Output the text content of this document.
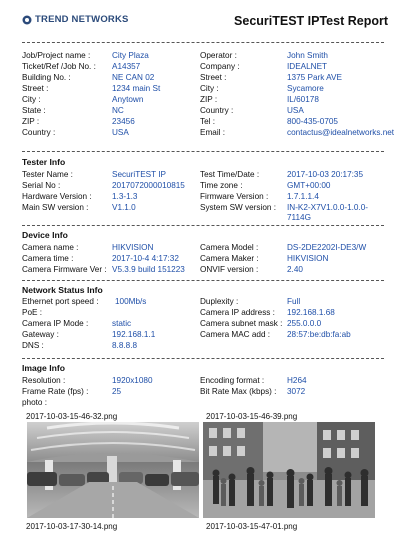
TREND NETWORKS	SecuriTEST IPTest Report
Job/Project name :	City Plaza	Operator :	John Smith
Ticket/Ref /Job No. : A14357	Company :	IDEALNET
Building No. :	NE CAN 02	Street :	1375 Park AVE
Street :	1234 main St	City :	Sycamore
City :	Anytown	ZIP :	IL/60178
State :	NC	Country :	USA
ZIP :	23456	Tel :	800-435-0705
Country :	USA	Email :	contactus@idealnetworks.net
Tester Info
Tester Name :	SecuriTEST IP	Test Time/Date :	2017-10-03 20:17:35
Serial No :	2017072000010815 Time zone :	GMT+00:00
Hardware Version : 1.3-1.3	Firmware Version : 1.7.1.1.4
Main SW version :	V1.1.0	System SW version : IN-K2-X7V1.0.0-1.0.0-7114G
Device Info
Camera name :	HIKVISION	Camera Model :	DS-2DE2202I-DE3/W
Camera time :	2017-10-4 4:17:32	Camera Maker :	HIKVISION
Camera Firmware Ver : V5.3.9 build 151223 ONVIF version :	2.40
Network Status Info
Ethernet port speed : 100Mb/s	Duplexity :	Full
PoE :	Camera IP address : 192.168.1.68
Camera IP Mode :	static	Camera subnet mask : 255.0.0.0
Gateway :	192.168.1.1	Camera MAC add : 28:57:be:db:fa:ab
DNS :	8.8.8.8
Image Info
Resolution :	1920x1080	Encoding format :	H264
Frame Rate (fps) :	25	Bit Rate Max (kbps) : 3072
photo :
2017-10-03-15-46-32.png	2017-10-03-15-46-39.png
2017-10-03-17-30-14.png	2017-10-03-15-47-01.png
